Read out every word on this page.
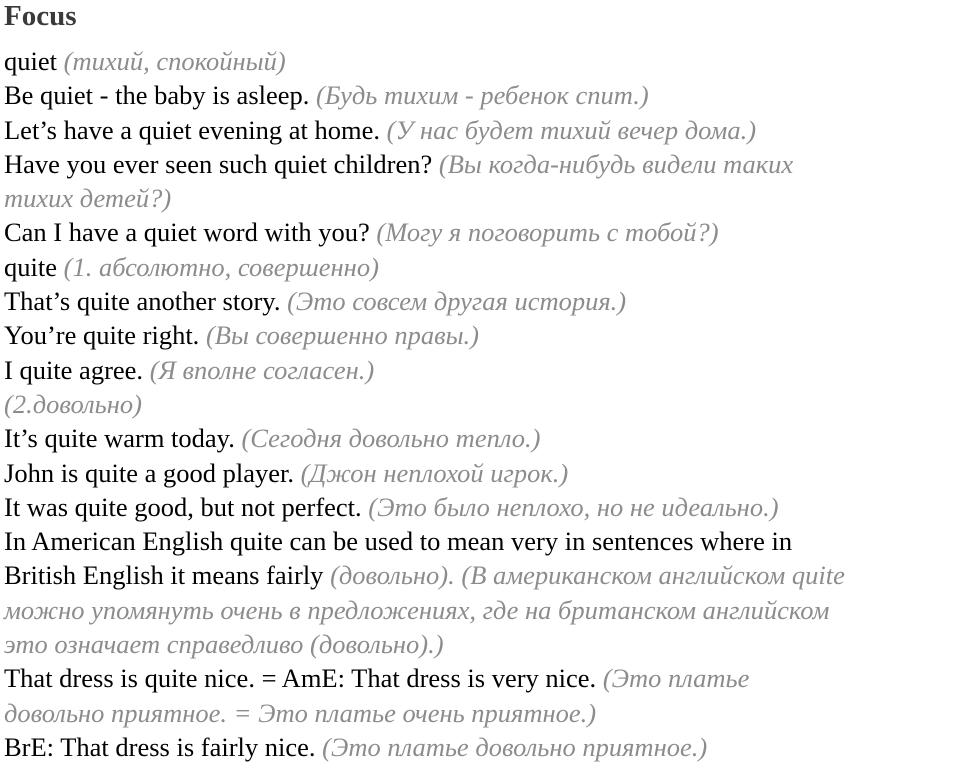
Focus
quiet (тихий, спокойный)
Be quiet - the baby is asleep. (Будь тихим - ребенок спит.)
Let’s have a quiet evening at home. (У нас будет тихий вечер дома.)
Have you ever seen such quiet children? (Вы когда-нибудь видели таких
тихих детей?)
Can I have a quiet word with you? (Могу я поговорить с тобой?)
quite (1. абсолютно, совершенно)
That’s quite another story. (Это совсем другая история.)
You’re quite right. (Вы совершенно правы.)
I quite agree. (Я вполне согласен.)
(2.довольно)
It’s quite warm today. (Сегодня довольно тепло.)
John is quite a good player. (Джон неплохой игрок.)
It was quite good, but not perfect. (Это было неплохо, но не идеально.)
In American English quite can be used to mean very in sentences where in
British English it means fairly (довольно). (В американском английском quite
можно упомянуть очень в предложениях, где на британском английском
это означает справедливо (довольно).)
That dress is quite nice. = AmE: That dress is very nice. (Это платье
довольно приятное. = Это платье очень приятное.)
BrE: That dress is fairly nice. (Это платье довольно приятное.)
